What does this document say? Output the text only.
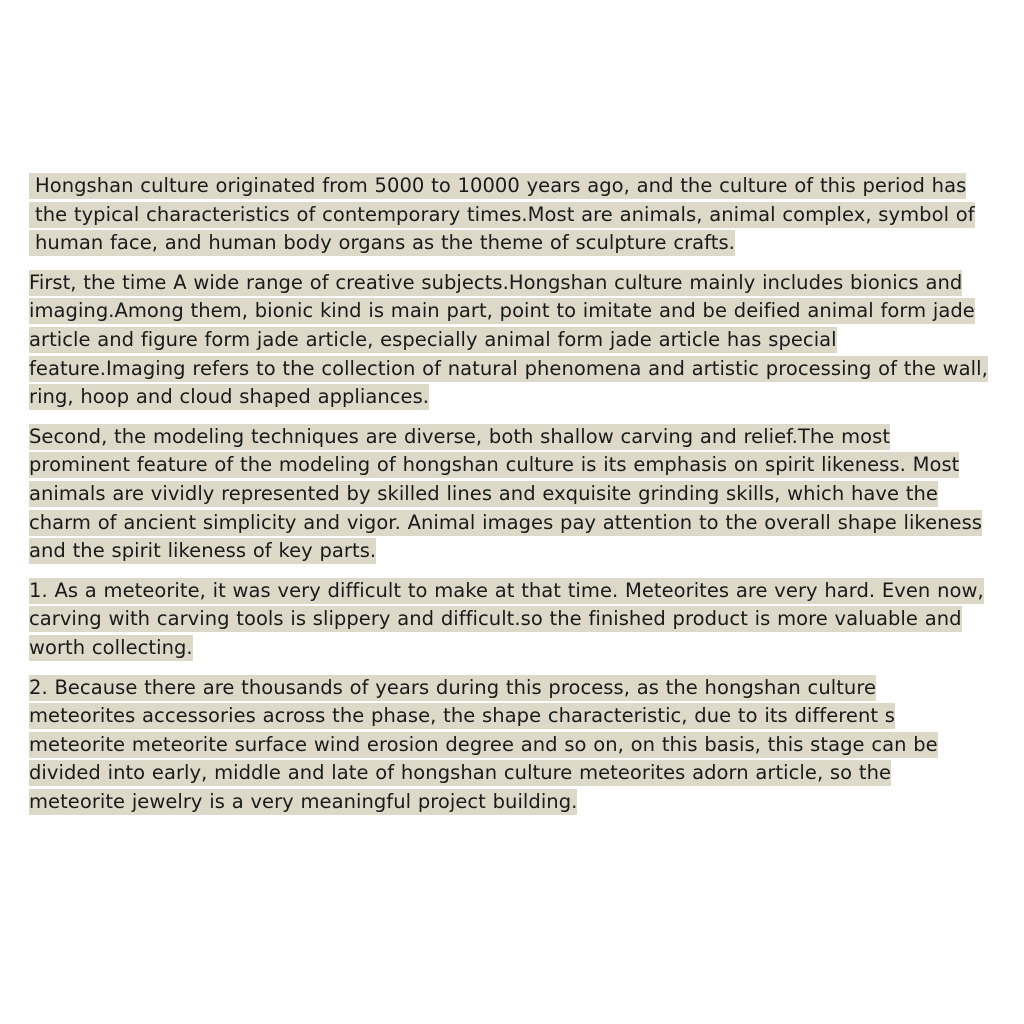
Hongshan culture originated from 5000 to 10000 years ago, and the culture of this period has the typical characteristics of contemporary times.Most are animals, animal complex, symbol of human face, and human body organs as the theme of sculpture crafts.

First, the time A wide range of creative subjects.Hongshan culture mainly includes bionics and imaging.Among them, bionic kind is main part, point to imitate and be deified animal form jade article and figure form jade article, especially animal form jade article has special feature.Imaging refers to the collection of natural phenomena and artistic processing of the wall, ring, hoop and cloud shaped appliances.

Second, the modeling techniques are diverse, both shallow carving and relief.The most prominent feature of the modeling of hongshan culture is its emphasis on spirit likeness. Most animals are vividly represented by skilled lines and exquisite grinding skills, which have the charm of ancient simplicity and vigor. Animal images pay attention to the overall shape likeness and the spirit likeness of key parts.

1. As a meteorite, it was very difficult to make at that time. Meteorites are very hard. Even now, carving with carving tools is slippery and difficult.so the finished product is more valuable and worth collecting.

2. Because there are thousands of years during this process, as the hongshan culture meteorites accessories across the phase, the shape characteristic, due to its different s meteorite meteorite surface wind erosion degree and so on, on this basis, this stage can be divided into early, middle and late of hongshan culture meteorites adorn article, so the meteorite jewelry is a very meaningful project building.
